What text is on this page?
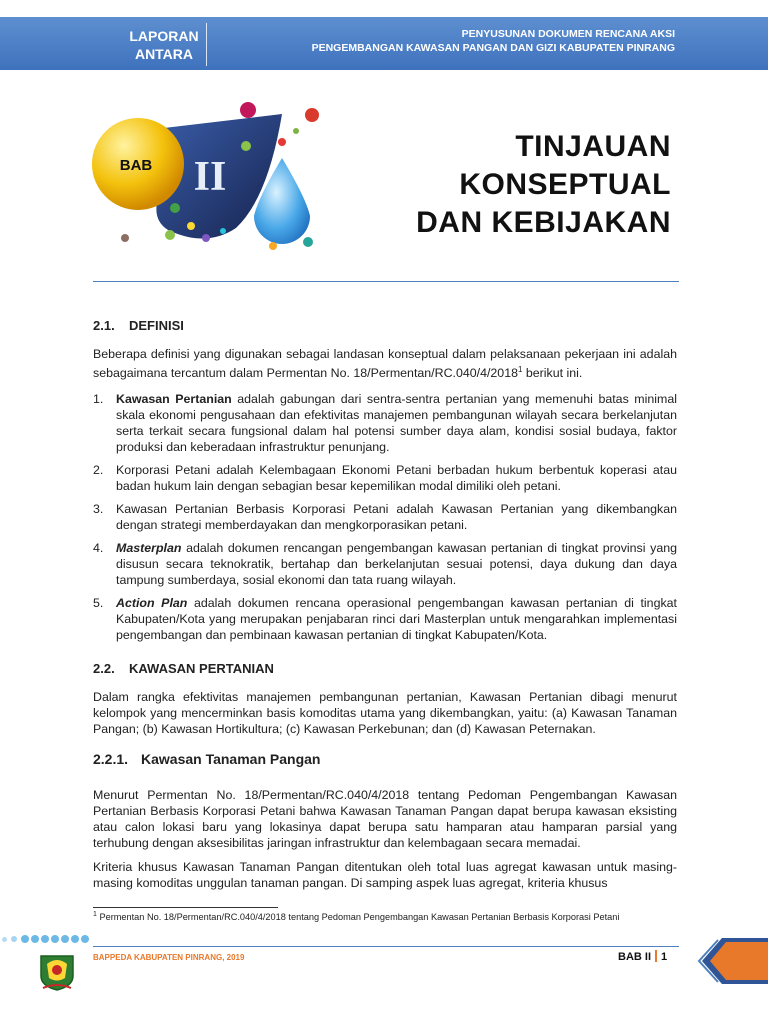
LAPORAN
ANTARA
PENYUSUNAN DOKUMEN RENCANA AKSI
PENGEMBANGAN KAWASAN PANGAN DAN GIZI KABUPATEN PINRANG
BAB II
TINJAUAN
KONSEPTUAL
DAN KEBIJAKAN
2.1. DEFINISI

Beberapa definisi yang digunakan sebagai landasan konseptual dalam pelaksanaan pekerjaan ini adalah sebagaimana tercantum dalam Permentan No. 18/Permentan/RC.040/4/2018$^1$ berikut ini.

1. Kawasan Pertanian adalah gabungan dari sentra-sentra pertanian yang memenuhi batas minimal skala ekonomi pengusahaan dan efektivitas manajemen pembangunan wilayah secara berkelanjutan serta terkait secara fungsional dalam hal potensi sumber daya alam, kondisi sosial budaya, faktor produksi dan keberadaan infrastruktur penunjang.
2. Korporasi Petani adalah Kelembagaan Ekonomi Petani berbadan hukum berbentuk koperasi atau badan hukum lain dengan sebagian besar kepemilikan modal dimiliki oleh petani.
3. Kawasan Pertanian Berbasis Korporasi Petani adalah Kawasan Pertanian yang dikembangkan dengan strategi memberdayakan dan mengkorporasikan petani.
4. Masterplan adalah dokumen rencangan pengembangan kawasan pertanian di tingkat provinsi yang disusun secara teknokratik, bertahap dan berkelanjutan sesuai potensi, daya dukung dan daya tampung sumberdaya, sosial ekonomi dan tata ruang wilayah.
5. Action Plan adalah dokumen rencana operasional pengembangan kawasan pertanian di tingkat Kabupaten/Kota yang merupakan penjabaran rinci dari Masterplan untuk mengarahkan implementasi pengembangan dan pembinaan kawasan pertanian di tingkat Kabupaten/Kota.
2.2. KAWASAN PERTANIAN

Dalam rangka efektivitas manajemen pembangunan pertanian, Kawasan Pertanian dibagi menurut kelompok yang mencerminkan basis komoditas utama yang dikembangkan, yaitu: (a) Kawasan Tanaman Pangan; (b) Kawasan Hortikultura; (c) Kawasan Perkebunan; dan (d) Kawasan Peternakan.

2.2.1. Kawasan Tanaman Pangan

Menurut Permentan No. 18/Permentan/RC.040/4/2018 tentang Pedoman Pengembangan Kawasan Pertanian Berbasis Korporasi Petani bahwa Kawasan Tanaman Pangan dapat berupa kawasan eksisting atau calon lokasi baru yang lokasinya dapat berupa satu hamparan atau hamparan parsial yang terhubung dengan aksesibilitas jaringan infrastruktur dan kelembagaan secara memadai.

Kriteria khusus Kawasan Tanaman Pangan ditentukan oleh total luas agregat kawasan untuk masing-masing komoditas unggulan tanaman pangan. Di samping aspek luas agregat, kriteria khusus

$^1$ Permentan No. 18/Permentan/RC.040/4/2018 tentang Pedoman Pengembangan Kawasan Pertanian Berbasis Korporasi Petani
BAPPEDA KABUPATEN PINRANG, 2019	BAB II 1
